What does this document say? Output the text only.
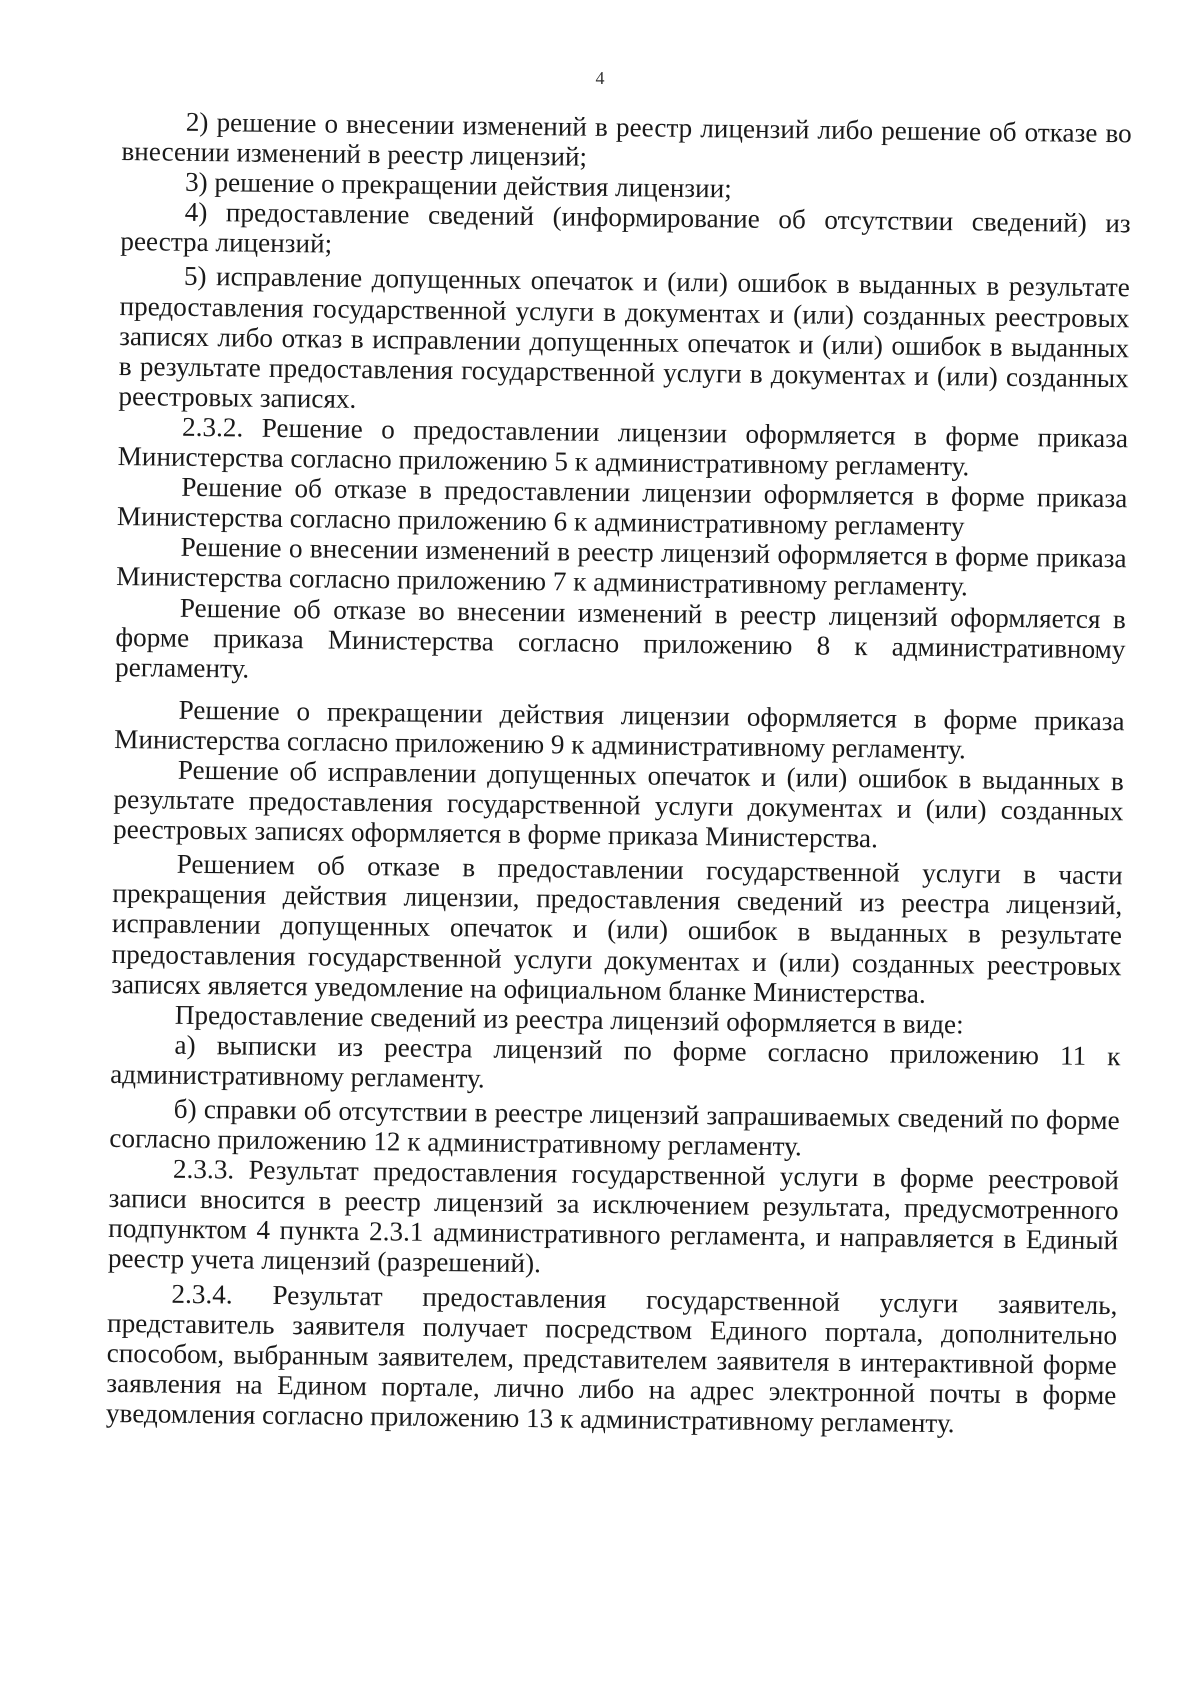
4

2) решение о внесении изменений в реестр лицензий либо решение об отказе во внесении изменений в реестр лицензий;

3) решение о прекращении действия лицензии;

4) предоставление сведений (информирование об отсутствии сведений) из реестра лицензий;

5) исправление допущенных опечаток и (или) ошибок в выданных в результате предоставления государственной услуги в документах и (или) созданных реестровых записях либо отказ в исправлении допущенных опечаток и (или) ошибок в выданных в результате предоставления государственной услуги в документах и (или) созданных реестровых записях.

2.3.2. Решение о предоставлении лицензии оформляется в форме приказа Министерства согласно приложению 5 к административному регламенту.

Решение об отказе в предоставлении лицензии оформляется в форме приказа Министерства согласно приложению 6 к административному регламенту

Решение о внесении изменений в реестр лицензий оформляется в форме приказа Министерства согласно приложению 7 к административному регламенту.

Решение об отказе во внесении изменений в реестр лицензий оформляется в форме приказа Министерства согласно приложению 8 к административному регламенту.

Решение о прекращении действия лицензии оформляется в форме приказа Министерства согласно приложению 9 к административному регламенту.

Решение об исправлении допущенных опечаток и (или) ошибок в выданных в результате предоставления государственной услуги документах и (или) созданных реестровых записях оформляется в форме приказа Министерства.

Решением об отказе в предоставлении государственной услуги в части прекращения действия лицензии, предоставления сведений из реестра лицензий, исправлении допущенных опечаток и (или) ошибок в выданных в результате предоставления государственной услуги документах и (или) созданных реестровых записях является уведомление на официальном бланке Министерства.

Предоставление сведений из реестра лицензий оформляется в виде:

а) выписки из реестра лицензий по форме согласно приложению 11 к административному регламенту.

б) справки об отсутствии в реестре лицензий запрашиваемых сведений по форме согласно приложению 12 к административному регламенту.

2.3.3. Результат предоставления государственной услуги в форме реестровой записи вносится в реестр лицензий за исключением результата, предусмотренного подпунктом 4 пункта 2.3.1 административного регламента, и направляется в Единый реестр учета лицензий (разрешений).

2.3.4. Результат предоставления государственной услуги заявитель, представитель заявителя получает посредством Единого портала, дополнительно способом, выбранным заявителем, представителем заявителя в интерактивной форме заявления на Едином портале, лично либо на адрес электронной почты в форме уведомления согласно приложению 13 к административному регламенту.
